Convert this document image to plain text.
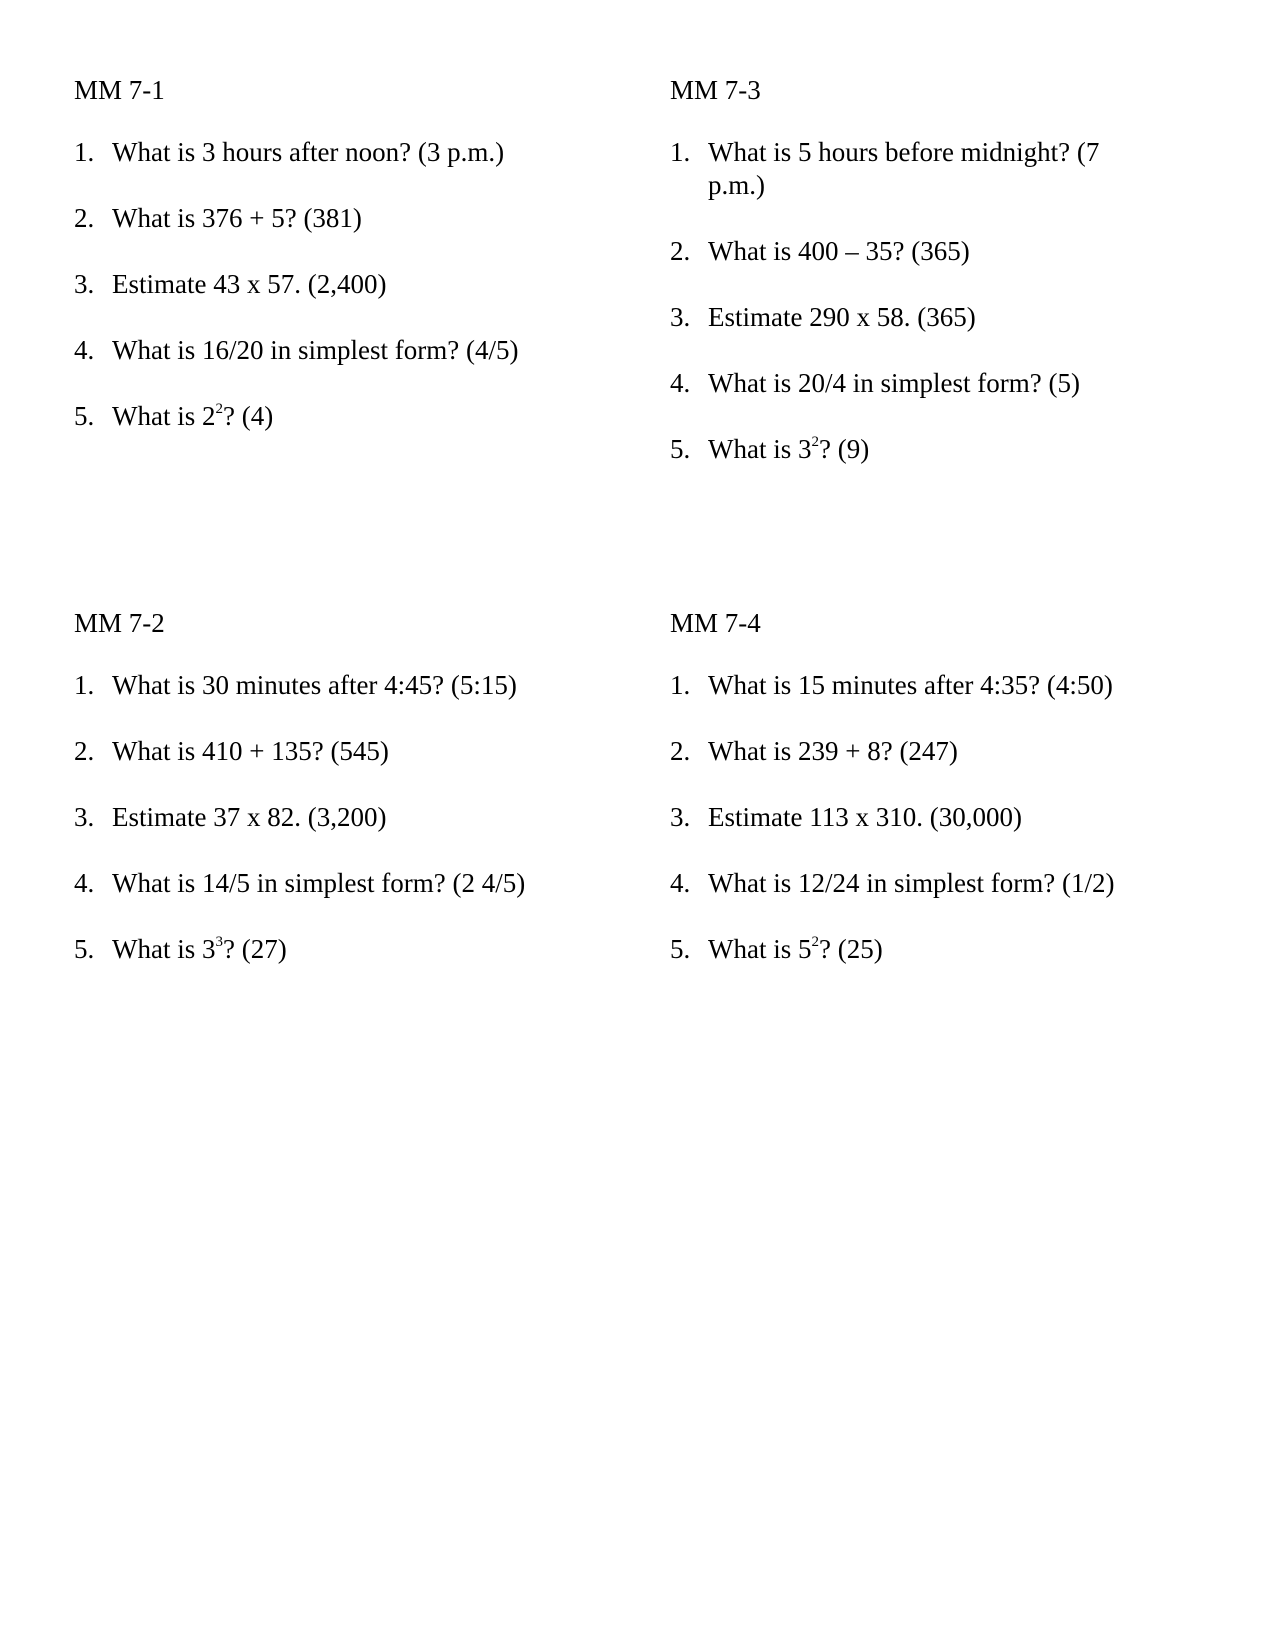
MM 7-1
1. What is 3 hours after noon? (3 p.m.)
2. What is 376 + 5? (381)
3. Estimate 43 x 57. (2,400)
4. What is 16/20 in simplest form? (4/5)
5. What is $2^2$? (4)
MM 7-3
1. What is 5 hours before midnight? (7 p.m.)
2. What is 400 – 35? (365)
3. Estimate 290 x 58. (365)
4. What is 20/4 in simplest form? (5)
5. What is $3^2$? (9)
MM 7-2
1. What is 30 minutes after 4:45? (5:15)
2. What is 410 + 135? (545)
3. Estimate 37 x 82. (3,200)
4. What is 14/5 in simplest form? (2 4/5)
5. What is $3^3$? (27)
MM 7-4
1. What is 15 minutes after 4:35? (4:50)
2. What is 239 + 8? (247)
3. Estimate 113 x 310. (30,000)
4. What is 12/24 in simplest form? (1/2)
5. What is $5^2$? (25)
